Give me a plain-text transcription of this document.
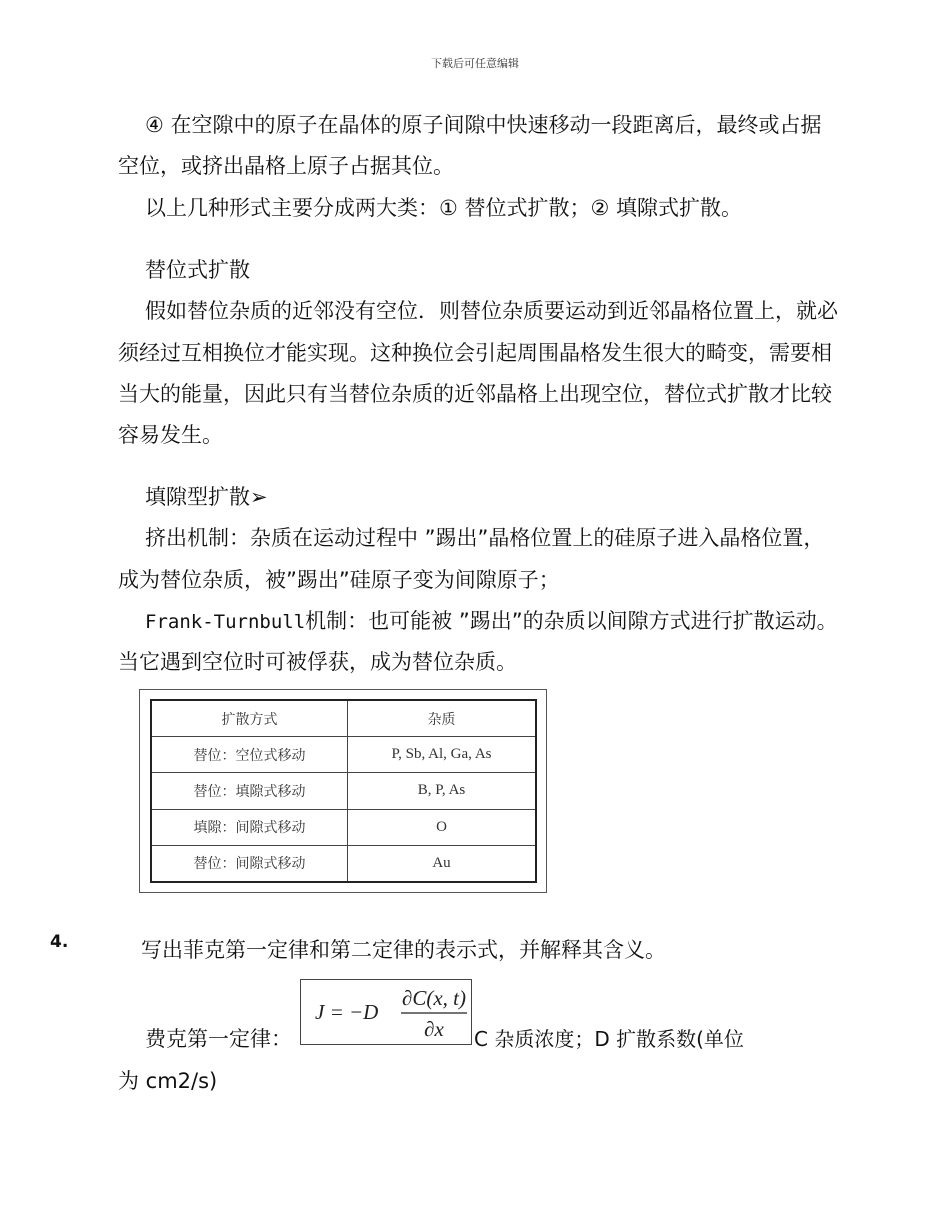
下载后可任意编辑

④ 在空隙中的原子在晶体的原子间隙中快速移动一段距离后，最终或占据

空位，或挤出晶格上原子占据其位。

以上几种形式主要分成两大类：① 替位式扩散；② 填隙式扩散。

替位式扩散

假如替位杂质的近邻没有空位．则替位杂质要运动到近邻晶格位置上，就必

须经过互相换位才能实现。这种换位会引起周围晶格发生很大的畸变，需要相

当大的能量，因此只有当替位杂质的近邻晶格上出现空位，替位式扩散才比较

容易发生。

填隙型扩散➢

挤出机制：杂质在运动过程中 ”踢出”晶格位置上的硅原子进入晶格位置，

成为替位杂质，被”踢出”硅原子变为间隙原子；

Frank-Turnbull机制：也可能被 ”踢出”的杂质以间隙方式进行扩散运动。

当它遇到空位时可被俘获，成为替位杂质。

扩散方式	杂质
替位：空位式移动	P, Sb, Al, Ga, As
替位：填隙式移动	B, P, As
填隙：间隙式移动	O
替位：间隙式移动	Au
4.	写出菲克第一定律和第二定律的表示式，并解释其含义。

费克第一定律：

J = −D
∂C(x, t)
∂x C 杂质浓度；D 扩散系数(单位

为 cm2/s)
